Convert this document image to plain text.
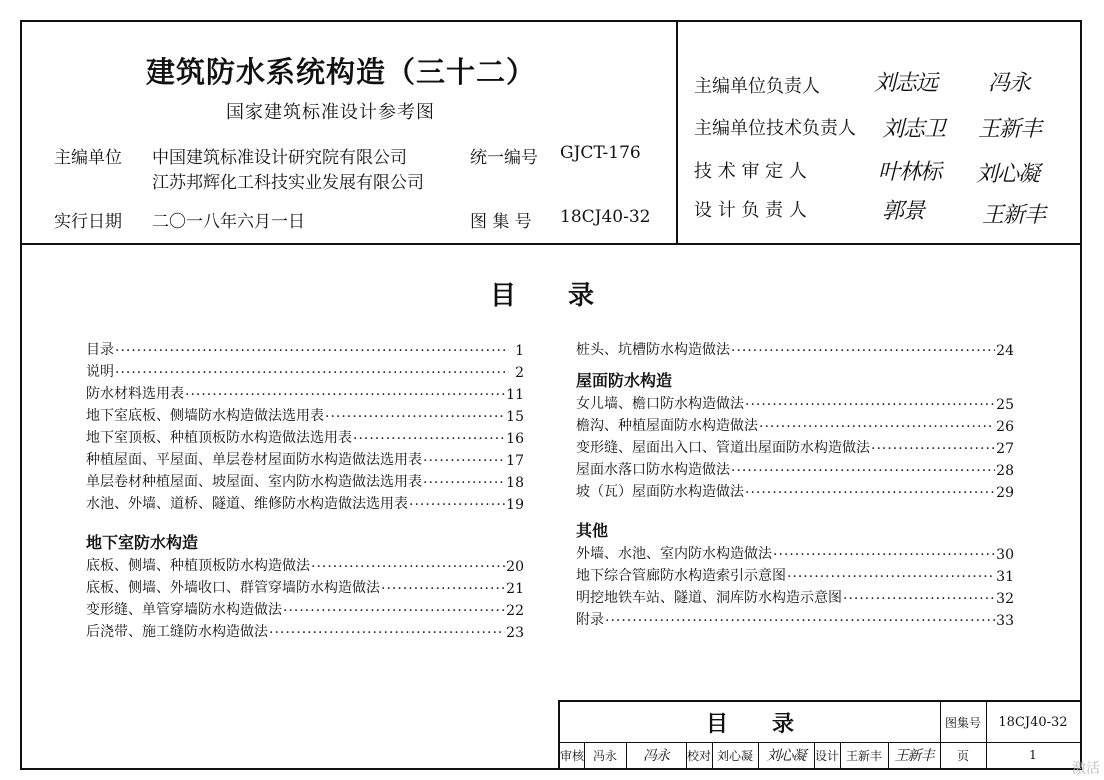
建筑防水系统构造（三十二）
国家建筑标准设计参考图
主编单位 中国建筑标准设计研究院有限公司
江苏邦辉化工科技实业发展有限公司
统一编号 GJCT-176
实行日期 二〇一八年六月一日	图 集 号 18CJ40-32
主编单位负责人 刘志远 冯永
主编单位技术负责人 刘志卫 王新丰
技 术 审 定 人	叶林标 刘心凝
设 计 负 责 人	郭景	王新丰
目　　录
目录 ·····	1
说明 ·····	2
防水材料选用表 ·····	11
地下室底板、侧墙防水构造做法选用表 ·····	15
地下室顶板、种植顶板防水构造做法选用表 ·····	16
种植屋面、平屋面、单层卷材屋面防水构造做法选用表 ·····	17
单层卷材种植屋面、坡屋面、室内防水构造做法选用表 ·····	18
水池、外墙、道桥、隧道、维修防水构造做法选用表 ·····	19
地下室防水构造
底板、侧墙、种植顶板防水构造做法 ·····	20
底板、侧墙、外墙收口、群管穿墙防水构造做法 ·····	21
变形缝、单管穿墙防水构造做法 ·····	22
后浇带、施工缝防水构造做法 ·····	23
桩头、坑槽防水构造做法 ·····	24
屋面防水构造
女儿墙、檐口防水构造做法 ·····	25
檐沟、种植屋面防水构造做法 ·····	26
变形缝、屋面出入口、管道出屋面防水构造做法 ·····	27
屋面水落口防水构造做法 ·····	28
坡（瓦）屋面防水构造做法 ·····	29
其他
外墙、水池、室内防水构造做法 ·····	30
地下综合管廊防水构造索引示意图 ·····	31
明挖地铁车站、隧道、洞库防水构造示意图 ·····	32
附录 ·····	33
目　　录	图集号	18CJ40-32
审核 冯永	冯永	校对 刘心凝 刘心凝 设计 王新丰 王新丰	页	1
激活
